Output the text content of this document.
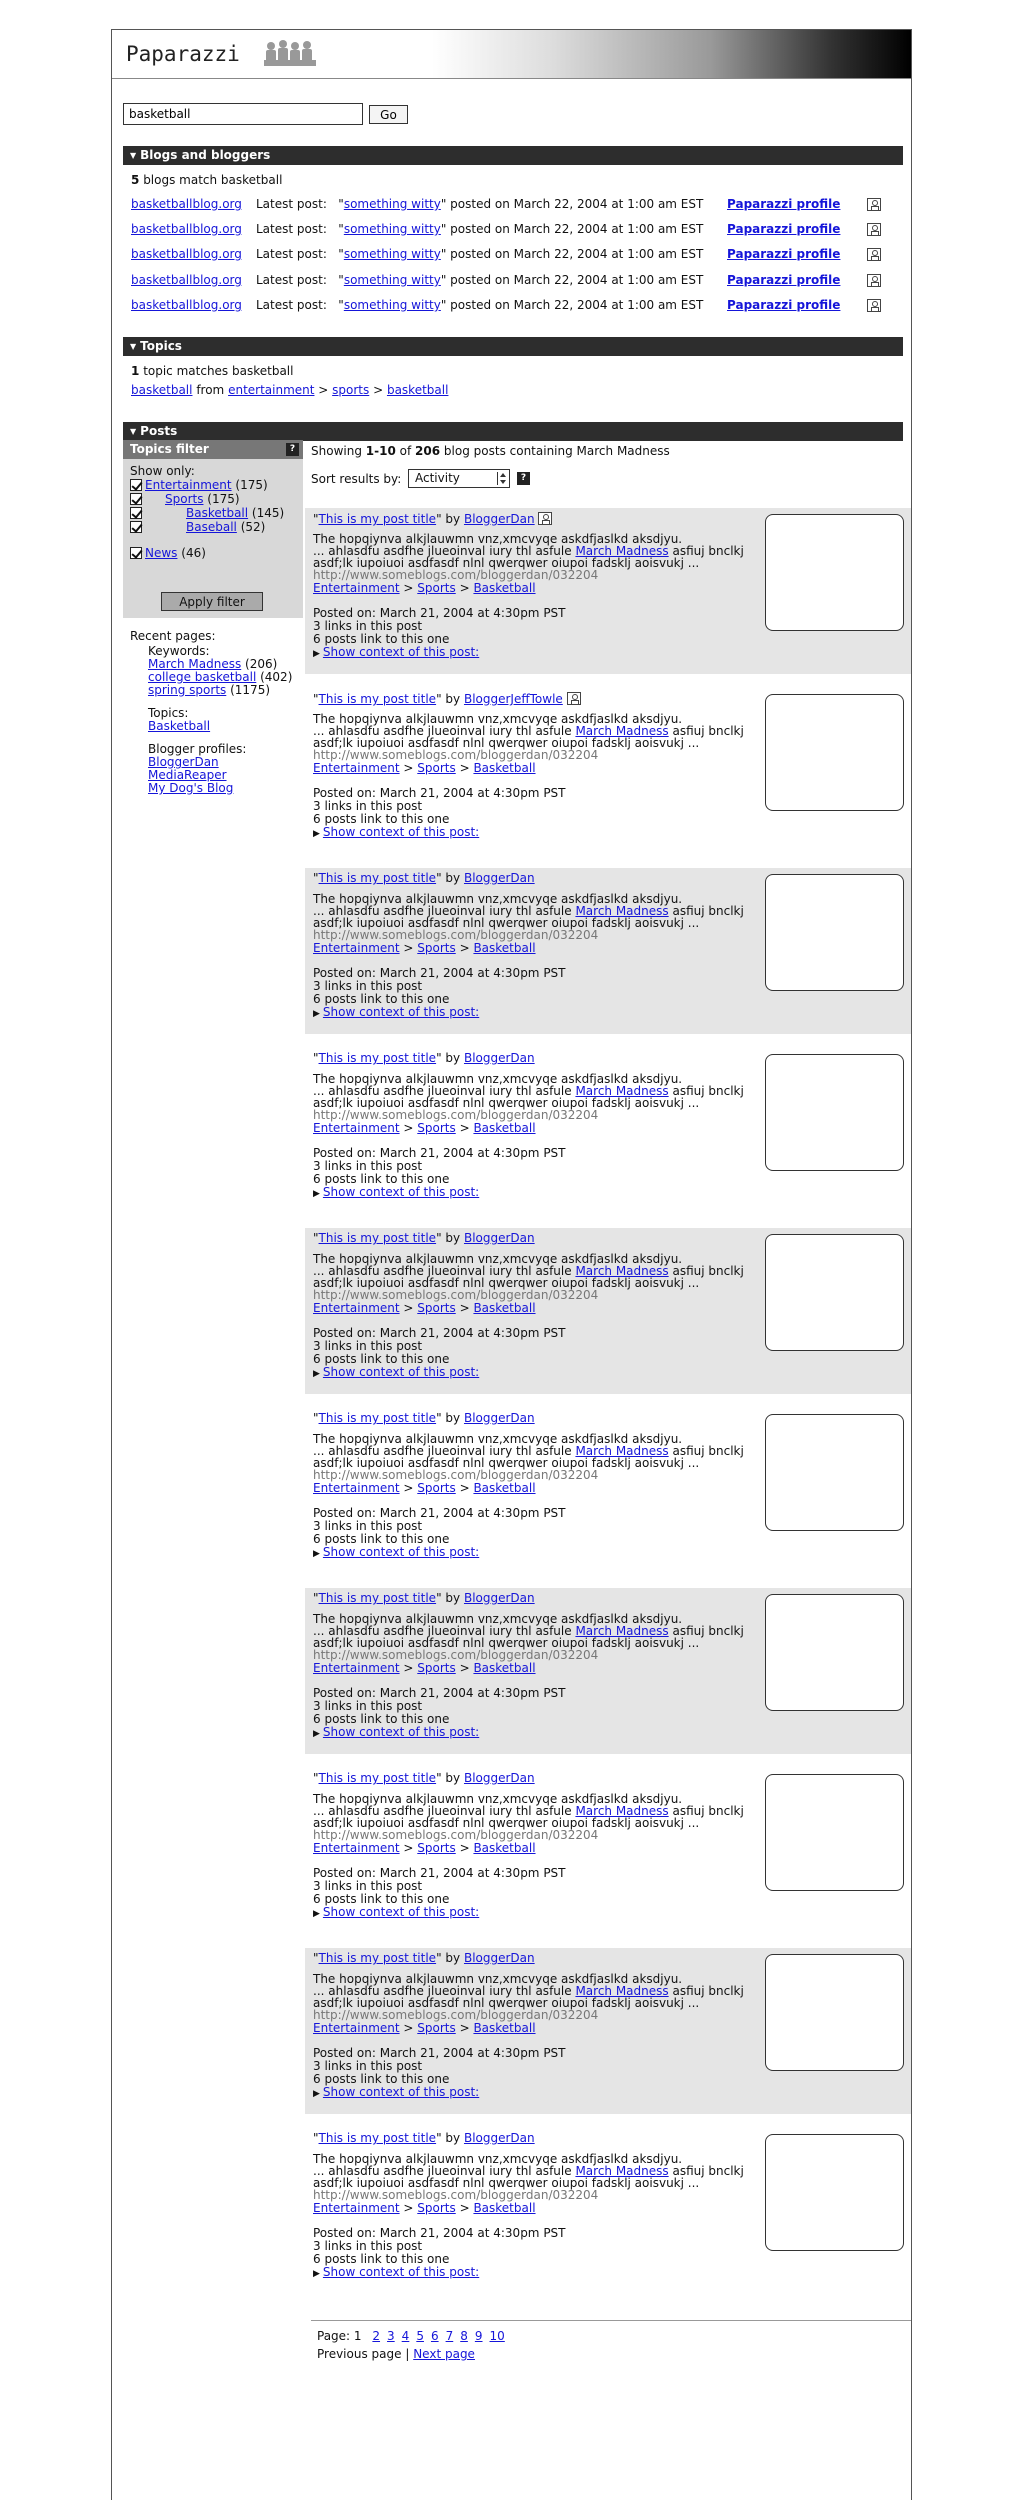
Paparazzi
basketball
Go
▼ Blogs and bloggers
5 blogs match basketball
basketballblog.org Latest post:   "something witty" posted on March 22, 2004 at 1:00 am EST Paparazzi profile
basketballblog.org Latest post:   "something witty" posted on March 22, 2004 at 1:00 am EST Paparazzi profile
basketballblog.org Latest post:   "something witty" posted on March 22, 2004 at 1:00 am EST Paparazzi profile
basketballblog.org Latest post:   "something witty" posted on March 22, 2004 at 1:00 am EST Paparazzi profile
basketballblog.org Latest post:   "something witty" posted on March 22, 2004 at 1:00 am EST Paparazzi profile
▼ Topics
1 topic matches basketball
basketball from entertainment > sports > basketball
▼ Posts
Topics filter	?
Show only:
Entertainment (175)
Sports (175)
Basketball (145)
Baseball (52)
News (46)
Apply filter
Recent pages:
Keywords:
March Madness (206)
college basketball (402)
spring sports (1175)
Topics:
Basketball
Blogger profiles:
BloggerDan
MediaReaper
My Dog's Blog
Showing 1-10 of 206 blog posts containing March Madness
Sort results by:	Activity	?
"This is my post title" by BloggerDan
The hopqiynva alkjlauwmn vnz,xmcvyqe askdfjaslkd aksdjyu.
... ahlasdfu asdfhe jlueoinval iury thl asfule March Madness asfiuj bnclkj
asdf;lk iupoiuoi asdfasdf nlnl qwerqwer oiupoi fadsklj aoisvukj ...
http://www.someblogs.com/bloggerdan/032204
Entertainment > Sports > Basketball
Posted on: March 21, 2004 at 4:30pm PST
3 links in this post
6 posts link to this one
▶ Show context of this post:
"This is my post title" by BloggerJeffTowle
The hopqiynva alkjlauwmn vnz,xmcvyqe askdfjaslkd aksdjyu.
... ahlasdfu asdfhe jlueoinval iury thl asfule March Madness asfiuj bnclkj
asdf;lk iupoiuoi asdfasdf nlnl qwerqwer oiupoi fadsklj aoisvukj ...
http://www.someblogs.com/bloggerdan/032204
Entertainment > Sports > Basketball
Posted on: March 21, 2004 at 4:30pm PST
3 links in this post
6 posts link to this one
▶ Show context of this post:
"This is my post title" by BloggerDan
The hopqiynva alkjlauwmn vnz,xmcvyqe askdfjaslkd aksdjyu.
... ahlasdfu asdfhe jlueoinval iury thl asfule March Madness asfiuj bnclkj
asdf;lk iupoiuoi asdfasdf nlnl qwerqwer oiupoi fadsklj aoisvukj ...
http://www.someblogs.com/bloggerdan/032204
Entertainment > Sports > Basketball
Posted on: March 21, 2004 at 4:30pm PST
3 links in this post
6 posts link to this one
▶ Show context of this post:
"This is my post title" by BloggerDan
The hopqiynva alkjlauwmn vnz,xmcvyqe askdfjaslkd aksdjyu.
... ahlasdfu asdfhe jlueoinval iury thl asfule March Madness asfiuj bnclkj
asdf;lk iupoiuoi asdfasdf nlnl qwerqwer oiupoi fadsklj aoisvukj ...
http://www.someblogs.com/bloggerdan/032204
Entertainment > Sports > Basketball
Posted on: March 21, 2004 at 4:30pm PST
3 links in this post
6 posts link to this one
▶ Show context of this post:
"This is my post title" by BloggerDan
The hopqiynva alkjlauwmn vnz,xmcvyqe askdfjaslkd aksdjyu.
... ahlasdfu asdfhe jlueoinval iury thl asfule March Madness asfiuj bnclkj
asdf;lk iupoiuoi asdfasdf nlnl qwerqwer oiupoi fadsklj aoisvukj ...
http://www.someblogs.com/bloggerdan/032204
Entertainment > Sports > Basketball
Posted on: March 21, 2004 at 4:30pm PST
3 links in this post
6 posts link to this one
▶ Show context of this post:
"This is my post title" by BloggerDan
The hopqiynva alkjlauwmn vnz,xmcvyqe askdfjaslkd aksdjyu.
... ahlasdfu asdfhe jlueoinval iury thl asfule March Madness asfiuj bnclkj
asdf;lk iupoiuoi asdfasdf nlnl qwerqwer oiupoi fadsklj aoisvukj ...
http://www.someblogs.com/bloggerdan/032204
Entertainment > Sports > Basketball
Posted on: March 21, 2004 at 4:30pm PST
3 links in this post
6 posts link to this one
▶ Show context of this post:
"This is my post title" by BloggerDan
The hopqiynva alkjlauwmn vnz,xmcvyqe askdfjaslkd aksdjyu.
... ahlasdfu asdfhe jlueoinval iury thl asfule March Madness asfiuj bnclkj
asdf;lk iupoiuoi asdfasdf nlnl qwerqwer oiupoi fadsklj aoisvukj ...
http://www.someblogs.com/bloggerdan/032204
Entertainment > Sports > Basketball
Posted on: March 21, 2004 at 4:30pm PST
3 links in this post
6 posts link to this one
▶ Show context of this post:
"This is my post title" by BloggerDan
The hopqiynva alkjlauwmn vnz,xmcvyqe askdfjaslkd aksdjyu.
... ahlasdfu asdfhe jlueoinval iury thl asfule March Madness asfiuj bnclkj
asdf;lk iupoiuoi asdfasdf nlnl qwerqwer oiupoi fadsklj aoisvukj ...
http://www.someblogs.com/bloggerdan/032204
Entertainment > Sports > Basketball
Posted on: March 21, 2004 at 4:30pm PST
3 links in this post
6 posts link to this one
▶ Show context of this post:
"This is my post title" by BloggerDan
The hopqiynva alkjlauwmn vnz,xmcvyqe askdfjaslkd aksdjyu.
... ahlasdfu asdfhe jlueoinval iury thl asfule March Madness asfiuj bnclkj
asdf;lk iupoiuoi asdfasdf nlnl qwerqwer oiupoi fadsklj aoisvukj ...
http://www.someblogs.com/bloggerdan/032204
Entertainment > Sports > Basketball
Posted on: March 21, 2004 at 4:30pm PST
3 links in this post
6 posts link to this one
▶ Show context of this post:
"This is my post title" by BloggerDan
The hopqiynva alkjlauwmn vnz,xmcvyqe askdfjaslkd aksdjyu.
... ahlasdfu asdfhe jlueoinval iury thl asfule March Madness asfiuj bnclkj
asdf;lk iupoiuoi asdfasdf nlnl qwerqwer oiupoi fadsklj aoisvukj ...
http://www.someblogs.com/bloggerdan/032204
Entertainment > Sports > Basketball
Posted on: March 21, 2004 at 4:30pm PST
3 links in this post
6 posts link to this one
▶ Show context of this post:
Page: 1 2 3 4 5 6 7 8 9 10
Previous page | Next page
